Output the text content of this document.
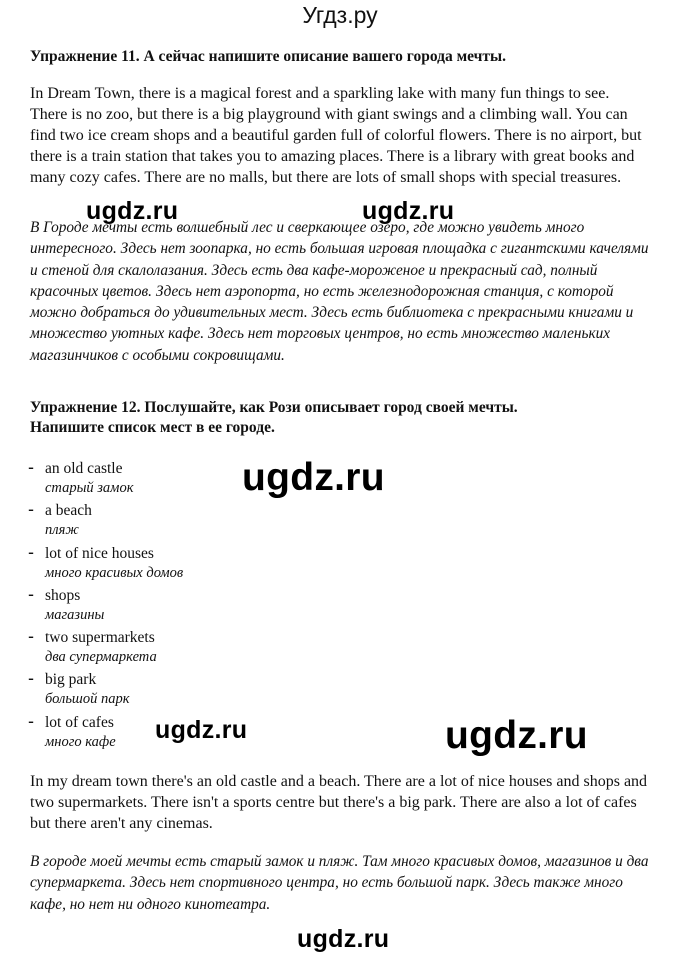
Угдз.ру
Упражнение 11. А сейчас напишите описание вашего города мечты.

In Dream Town, there is a magical forest and a sparkling lake with many fun things to see. There is no zoo, but there is a big playground with giant swings and a climbing wall. You can find two ice cream shops and a beautiful garden full of colorful flowers. There is no airport, but there is a train station that takes you to amazing places. There is a library with great books and many cozy cafes. There are no malls, but there are lots of small shops with special treasures.

В Городе мечты есть волшебный лес и сверкающее озеро, где можно увидеть много интересного. Здесь нет зоопарка, но есть большая игровая площадка с гигантскими качелями и стеной для скалолазания. Здесь есть два кафе-мороженое и прекрасный сад, полный красочных цветов. Здесь нет аэропорта, но есть железнодорожная станция, с которой можно добраться до удивительных мест. Здесь есть библиотека с прекрасными книгами и множество уютных кафе. Здесь нет торговых центров, но есть множество маленьких магазинчиков с особыми сокровищами.

Упражнение 12. Послушайте, как Рози описывает город своей мечты.
Напишите список мест в ее городе.
- an old castle
старый замок
- a beach
пляж
- lot of nice houses
много красивых домов
- shops
магазины
- two supermarkets
два супермаркета
- big park
большой парк
- lot of cafes
много кафе

In my dream town there's an old castle and a beach. There are a lot of nice houses and shops and two supermarkets. There isn't a sports centre but there's a big park. There are also a lot of cafes but there aren't any cinemas.

В городе моей мечты есть старый замок и пляж. Там много красивых домов, магазинов и два супермаркета. Здесь нет спортивного центра, но есть большой парк. Здесь также много кафе, но нет ни одного кинотеатра.

ugdz.ru	ugdz.ru
ugdz.ru
ugdz.ru	ugdz.ru
ugdz.ru
